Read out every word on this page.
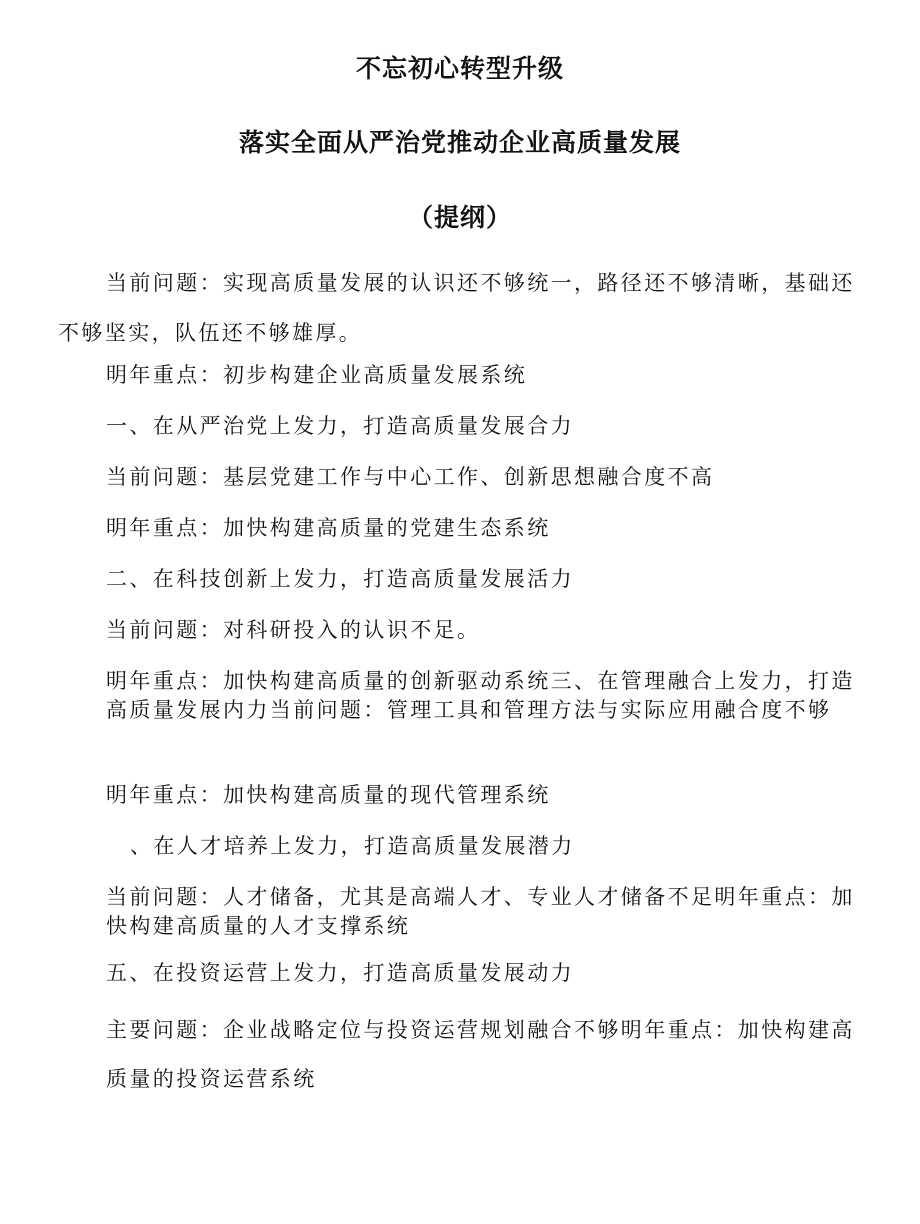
不忘初心转型升级
落实全面从严治党推动企业高质量发展
（提纲）

当前问题：实现高质量发展的认识还不够统一，路径还不够清晰，基础还不够坚实，队伍还不够雄厚。

明年重点：初步构建企业高质量发展系统

一、在从严治党上发力，打造高质量发展合力

当前问题：基层党建工作与中心工作、创新思想融合度不高

明年重点：加快构建高质量的党建生态系统

二、在科技创新上发力，打造高质量发展活力

当前问题：对科研投入的认识不足。

明年重点：加快构建高质量的创新驱动系统三、在管理融合上发力，打造高质量发展内力当前问题：管理工具和管理方法与实际应用融合度不够

明年重点：加快构建高质量的现代管理系统

、在人才培养上发力，打造高质量发展潜力

当前问题：人才储备，尤其是高端人才、专业人才储备不足明年重点：加快构建高质量的人才支撑系统

五、在投资运营上发力，打造高质量发展动力

主要问题：企业战略定位与投资运营规划融合不够明年重点：加快构建高质量的投资运营系统
